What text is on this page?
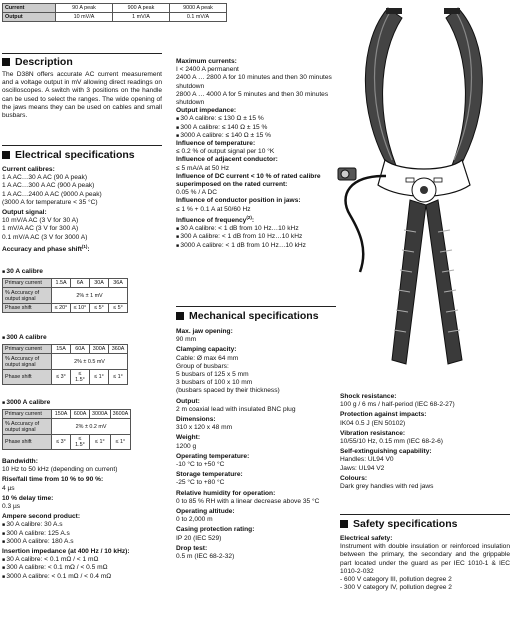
Current	90 A peak	900 A peak	9000 A peak
Output	10 mV/A	1 mV/A	0.1 mV/A
Description
The D38N offers accurate AC current measurement and a voltage output in mV allowing direct readings on oscilloscopes. A switch with 3 positions on the handle can be used to select the ranges. The wide opening of the jaws means they can be used on cables and small busbars.
Electrical specifications
Current calibres:
1 A AC…30 A AC (90 A peak)
1 A AC…300 A AC (900 A peak)
1 A AC…2400 A AC (9000 A peak)
(3000 A for temperature < 35 °C)
Output signal:
10 mV/A AC (3 V for 30 A)
1 mV/A AC (3 V for 300 A)
0.1 mV/A AC (3 V for 3000 A)
Accuracy and phase shift$^{(1)}$:
■ 30 A calibre
Primary current	1.5A	6A	30A	36A
% Accuracy of output signal	2% ± 1 mV			
Phase shift	≤ 20°	≤ 10°	≤ 5°	≤ 5°
■ 300 A calibre
Primary current	15A	60A	300A	360A
% Accuracy of output signal	2% ± 0.5 mV			
Phase shift	≤ 3°	≤ 1.5°	≤ 1°	≤ 1°
■ 3000 A calibre
Primary current	150A	600A	3000A	3600A
% Accuracy of output signal	2% ± 0.2 mV			
Phase shift	≤ 3°	≤ 1.5°	≤ 1°	≤ 1°
Bandwidth:
10 Hz to 50 kHz (depending on current)
Rise/fall time from 10 % to 90 %:
4 µs
10 % delay time:
0.3 µs
Ampere second product:
■ 30 A calibre: 30 A.s
■ 300 A calibre: 125 A.s
■ 3000 A calibre: 180 A.s
Insertion impedance (at 400 Hz / 10 kHz):
■ 30 A calibre: < 0.1 mΩ / < 1 mΩ
■ 300 A calibre: < 0.1 mΩ / < 0.5 mΩ
■ 3000 A calibre: < 0.1 mΩ / < 0.4 mΩ
Maximum currents:
I < 2400 A permanent
2400 A … 2800 A for 10 minutes and then 30 minutes shutdown
2800 A … 4000 A for 5 minutes and then 30 minutes shutdown
Output impedance:
■ 30 A calibre: ≤ 130 Ω ± 15 %
■ 300 A calibre: ≤ 140 Ω ± 15 %
■ 3000 A calibre: ≤ 140 Ω ± 15 %
Influence of temperature:
≤ 0.2 % of output signal per 10 °K
Influence of adjacent conductor:
≤ 5 mA/A at 50 Hz
Influence of DC current < 10 % of rated calibre superimposed on the rated current:
0.05 % / A DC
Influence of conductor position in jaws:
≤ 1 % + 0.1 A at 50/60 Hz
Influence of frequency$^{(2)}$:
■ 30 A calibre: < 1 dB from 10 Hz…10 kHz
■ 300 A calibre: < 1 dB from 10 Hz…10 kHz
■ 3000 A calibre: < 1 dB from 10 Hz…10 kHz
Mechanical specifications
Max. jaw opening:
90 mm
Clamping capacity:
Cable: Ø max 64 mm
Group of busbars:
5 busbars of 125 x 5 mm
3 busbars of 100 x 10 mm
(busbars spaced by their thickness)
Output:
2 m coaxial lead with insulated BNC plug
Dimensions:
310 x 120 x 48 mm
Weight:
1200 g
Operating temperature:
-10 °C to +50 °C
Storage temperature:
-25 °C to +80 °C
Relative humidity for operation:
0 to 85 % RH with a linear decrease above 35 °C
Operating altitude:
0 to 2,000 m
Casing protection rating:
IP 20 (IEC 529)
Drop test:
0.5 m (IEC 68-2-32)
Shock resistance:
100 g / 6 ms / half-period (IEC 68-2-27)
Protection against impacts:
IK04 0.5 J (EN 50102)
Vibration resistance:
10/55/10 Hz, 0.15 mm (IEC 68-2-6)
Self-extinguishing capability:
Handles: UL94 V0
Jaws: UL94 V2
Colours:
Dark grey handles with red jaws
Safety specifications
Electrical safety:
Instrument with double insulation or reinforced insulation between the primary, the secondary and the grippable part located under the guard as per IEC 1010-1 & IEC 1010-2-032
- 600 V category III, pollution degree 2
- 300 V category IV, pollution degree 2
